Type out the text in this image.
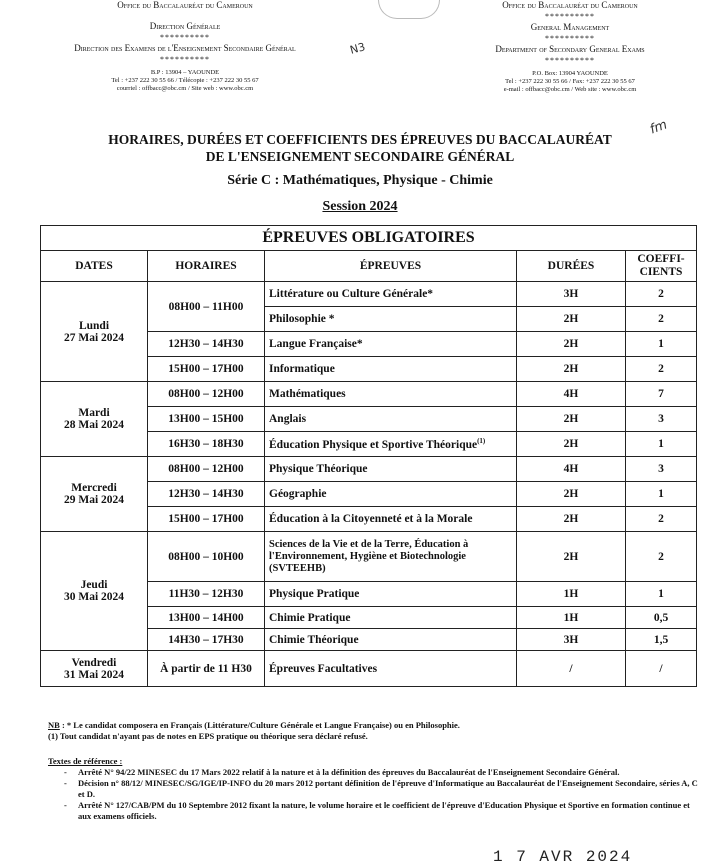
Office du Baccalauréat du Cameroun
Direction Générale
**********
Direction des Examens de l'Enseignement Secondaire Général
**********
B.P : 13904 – YAOUNDE
Tel : +237 222 30 55 66 / Télécopie : +237 222 30 55 67
courriel : offbacc@obc.cm / Site web : www.obc.cm
Office du Baccalauréat du Cameroun
**********
General Management
**********
Department of Secondary General Exams
**********
P.O. Box: 13904 YAOUNDE
Tel : +237 222 30 55 66 / Fax: +237 222 30 55 67
e-mail : offbacc@obc.cm / Web site : www.obc.cm
N3
fm
HORAIRES, DURÉES ET COEFFICIENTS DES ÉPREUVES DU BACCALAURÉAT
DE L'ENSEIGNEMENT SECONDAIRE GÉNÉRAL
Série C : Mathématiques, Physique - Chimie
Session 2024
ÉPREUVES OBLIGATOIRES				
DATES	HORAIRES	ÉPREUVES	DURÉES	COEFFI-
CIENTS

Lundi
27 Mai 2024	08H00 – 11H00	Littérature ou Culture Générale*	3H	2
		Philosophie *	2H	2
	12H30 – 14H30	Langue Française*	2H	1
	15H00 – 17H00	Informatique	2H	2

Mardi
28 Mai 2024	08H00 – 12H00	Mathématiques	4H	7
	13H00 – 15H00	Anglais	2H	3
	16H30 – 18H30	Éducation Physique et Sportive Théorique$^{(1)}$	2H	1

Mercredi
29 Mai 2024	08H00 – 12H00	Physique Théorique	4H	3
	12H30 – 14H30	Géographie	2H	1
	15H00 – 17H00	Éducation à la Citoyenneté et à la Morale	2H	2

Jeudi
30 Mai 2024	08H00 – 10H00	Sciences de la Vie et de la Terre, Éducation à l'Environnement, Hygiène et Biotechnologie (SVTEEHB)	2H	2
	11H30 – 12H30	Physique Pratique	1H	1
	13H00 – 14H00	Chimie Pratique	1H	0,5
	14H30 – 17H30	Chimie Théorique	3H	1,5

Vendredi
31 Mai 2024	À partir de 11 H30	Épreuves Facultatives	/	/
NB : * Le candidat composera en Français (Littérature/Culture Générale et Langue Française) ou en Philosophie.
(1) Tout candidat n'ayant pas de notes en EPS pratique ou théorique sera déclaré refusé.
Textes de référence :
- Arrêté N° 94/22 MINESEC du 17 Mars 2022 relatif à la nature et à la définition des épreuves du Baccalauréat de l'Enseignement Secondaire Général.
- Décision n° 88/12/ MINESEC/SG/IGE/IP-INFO du 20 mars 2012 portant définition de l'épreuve d'Informatique au Baccalauréat de l'Enseignement Secondaire, séries A, C et D.
- Arrêté N° 127/CAB/PM du 10 Septembre 2012 fixant la nature, le volume horaire et le coefficient de l'épreuve d'Education Physique et Sportive en formation continue et aux examens officiels.
1 7 AVR 2024
